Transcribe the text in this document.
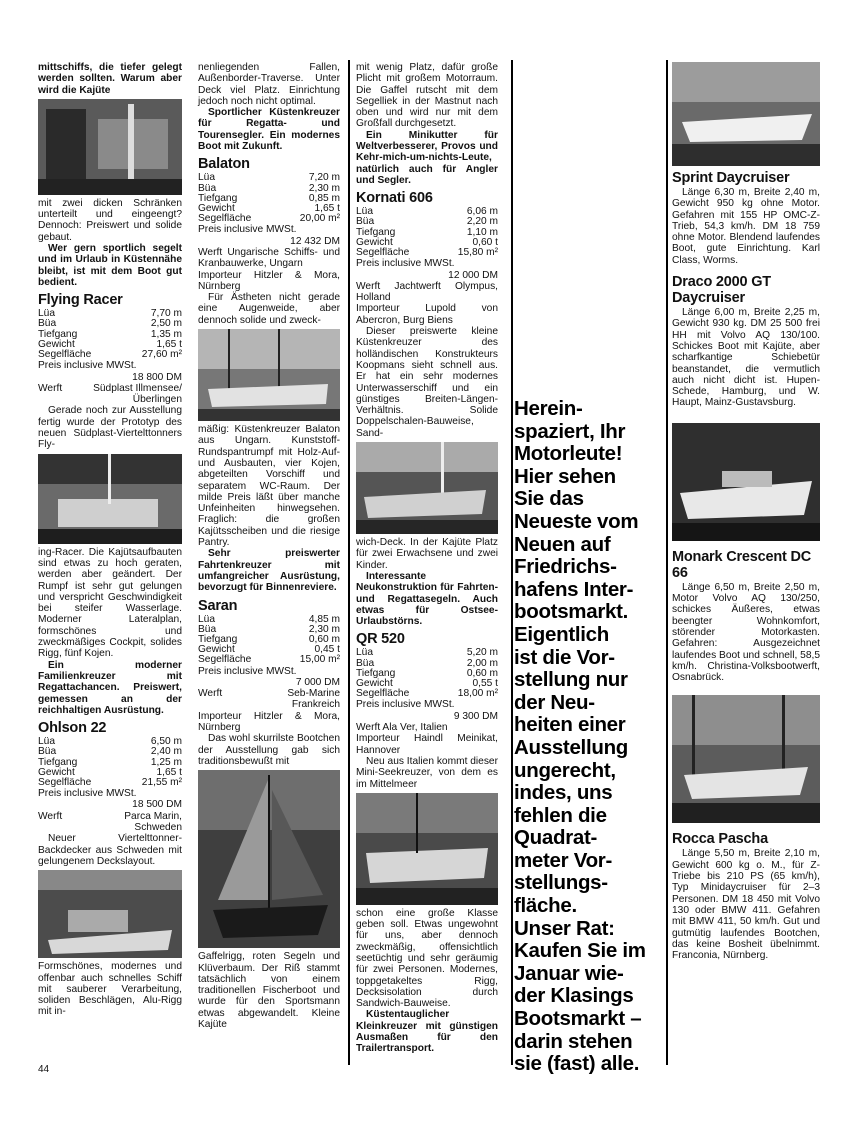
mittschiffs, die tiefer gelegt werden sollten. Warum aber wird die Kajüte

mit zwei dicken Schränken unterteilt und eingeengt? Dennoch: Preiswert und solide gebaut.

Wer gern sportlich segelt und im Urlaub in Küstennähe bleibt, ist mit dem Boot gut bedient.

Flying Racer
Lüa	7,70 m
Büa	2,50 m
Tiefgang	1,35 m
Gewicht	1,65 t
Segelfläche	27,60 m²
Preis inclusive MWSt.
18 800 DM
Werft	Südplast Illmensee/ Überlingen

Gerade noch zur Ausstellung fertig wurde der Prototyp des neuen Südplast-Viertelttonners Fly-

ing-Racer. Die Kajütsaufbauten sind etwas zu hoch geraten, werden aber geändert. Der Rumpf ist sehr gut gelungen und verspricht Geschwindigkeit bei steifer Wasserlage. Moderner Lateralplan, formschönes und zweckmäßiges Cockpit, solides Rigg, fünf Kojen.

Ein moderner Familienkreuzer mit Regattachancen. Preiswert, gemessen an der reichhaltigen Ausrüstung.

Ohlson 22
Lüa	6,50 m
Büa	2,40 m
Tiefgang	1,25 m
Gewicht	1,65 t
Segelfläche	21,55 m²
Preis inclusive MWSt.
18 500 DM
Werft	Parca Marin, Schweden

Neuer Viertelttonner-Backdecker aus Schweden mit gelungenem Deckslayout.

Formschönes, modernes und offenbar auch schnelles Schiff mit sauberer Verarbeitung, soliden Beschlägen, Alu-Rigg mit in-

nenliegenden Fallen, Außenborder-Traverse. Unter Deck viel Platz. Einrichtung jedoch noch nicht optimal.

Sportlicher Küstenkreuzer für Regatta- und Tourensegler. Ein modernes Boot mit Zukunft.

Balaton
Lüa	7,20 m
Büa	2,30 m
Tiefgang	0,85 m
Gewicht	1,65 t
Segelfläche	20,00 m²
Preis inclusive MWSt.
12 432 DM

Werft Ungarische Schiffs- und Kranbauwerke, Ungarn

Importeur Hitzler & Mora, Nürnberg

Für Ästheten nicht gerade eine Augenweide, aber dennoch solide und zweck-

mäßig: Küstenkreuzer Balaton aus Ungarn. Kunststoff-Rundspantrumpf mit Holz-Auf- und Ausbauten, vier Kojen, abgeteilten Vorschiff und separatem WC-Raum. Der milde Preis läßt über manche Unfeinheiten hinwegsehen. Fraglich: die großen Kajütsscheiben und die riesige Pantry.

Sehr preiswerter Fahrtenkreuzer mit umfangreicher Ausrüstung, bevorzugt für Binnenreviere.

Saran
Lüa	4,85 m
Büa	2,30 m
Tiefgang	0,60 m
Gewicht	0,45 t
Segelfläche	15,00 m²
Preis inclusive MWSt.
7 000 DM
Werft	Seb-Marine Frankreich

Importeur Hitzler & Mora, Nürnberg

Das wohl skurrilste Bootchen der Ausstellung gab sich traditionsbewußt mit

Gaffelrigg, roten Segeln und Klüverbaum. Der Riß stammt tatsächlich von einem traditionellen Fischerboot und wurde für den Sportsmann etwas abgewandelt. Kleine Kajüte

mit wenig Platz, dafür große Plicht mit großem Motorraum. Die Gaffel rutscht mit dem Segelliek in der Mastnut nach oben und wird nur mit dem Großfall durchgesetzt.

Ein Minikutter für Weltverbesserer, Provos und Kehr-mich-um-nichts-Leute, natürlich auch für Angler und Segler.

Kornati 606
Lüa	6,06 m
Büa	2,20 m
Tiefgang	1,10 m
Gewicht	0,60 t
Segelfläche	15,80 m²
Preis inclusive MWSt.
12 000 DM

Werft Jachtwerft Olympus, Holland

Importeur Lupold von Abercron, Burg Biens

Dieser preiswerte kleine Küstenkreuzer des holländischen Konstrukteurs Koopmans sieht schnell aus. Er hat ein sehr modernes Unterwasserschiff und ein günstiges Breiten-Längen-Verhältnis. Solide Doppelschalen-Bauweise, Sand-

wich-Deck. In der Kajüte Platz für zwei Erwachsene und zwei Kinder.

Interessante Neukonstruktion für Fahrten- und Regattasegeln. Auch etwas für Ostsee-Urlaubstörns.

QR 520
Lüa	5,20 m
Büa	2,00 m
Tiefgang	0,60 m
Gewicht	0,55 t
Segelfläche	18,00 m²
Preis inclusive MWSt.
9 300 DM

Werft Ala Ver, Italien

Importeur Haindl Meinikat, Hannover

Neu aus Italien kommt dieser Mini-Seekreuzer, von dem es im Mittelmeer

schon eine große Klasse geben soll. Etwas ungewohnt für uns, aber dennoch zweckmäßig, offensichtlich seetüchtig und sehr geräumig für zwei Personen. Modernes, toppgetakeltes Rigg, Decksisolation durch Sandwich-Bauweise.

Küstentauglicher Kleinkreuzer mit günstigen Ausmaßen für den Trailertransport.

Herein-
spaziert, Ihr
Motorleute!
Hier sehen
Sie das
Neueste vom
Neuen auf
Friedrichs-
hafens Inter-
bootsmarkt.
Eigentlich
ist die Vor-
stellung nur
der Neu-
heiten einer
Ausstellung
ungerecht,
indes, uns
fehlen die
Quadrat-
meter Vor-
stellungs-
fläche.
Unser Rat:
Kaufen Sie im
Januar wie-
der Klasings
Bootsmarkt –
darin stehen
sie (fast) alle.
Sprint Daycruiser

Länge 6,30 m, Breite 2,40 m, Gewicht 950 kg ohne Motor. Gefahren mit 155 HP OMC-Z-Trieb, 54,3 km/h. DM 18 759 ohne Motor. Blendend laufendes Boot, gute Einrichtung. Karl Class, Worms.

Draco 2000 GT Daycruiser

Länge 6,00 m, Breite 2,25 m, Gewicht 930 kg. DM 25 500 frei HH mit Volvo AQ 130/100. Schickes Boot mit Kajüte, aber scharfkantige Schiebetür beanstandet, die vermutlich auch nicht dicht ist. Hupen-Schede, Hamburg, und W. Haupt, Mainz-Gustavsburg.

Monark Crescent DC 66

Länge 6,50 m, Breite 2,50 m, Motor Volvo AQ 130/250, schickes Äußeres, etwas beengter Wohnkomfort, störender Motorkasten. Gefahren: Ausgezeichnet laufendes Boot und schnell, 58,5 km/h. Christina-Volksbootwerft, Osnabrück.

Rocca Pascha

Länge 5,50 m, Breite 2,10 m, Gewicht 600 kg o. M., für Z-Triebe bis 210 PS (65 km/h), Typ Minidaycruiser für 2–3 Personen. DM 18 450 mit Volvo 130 oder BMW 411. Gefahren mit BMW 411, 50 km/h. Gut und gutmütig laufendes Bootchen, das keine Bosheit übelnimmt. Franconia, Nürnberg.

44
